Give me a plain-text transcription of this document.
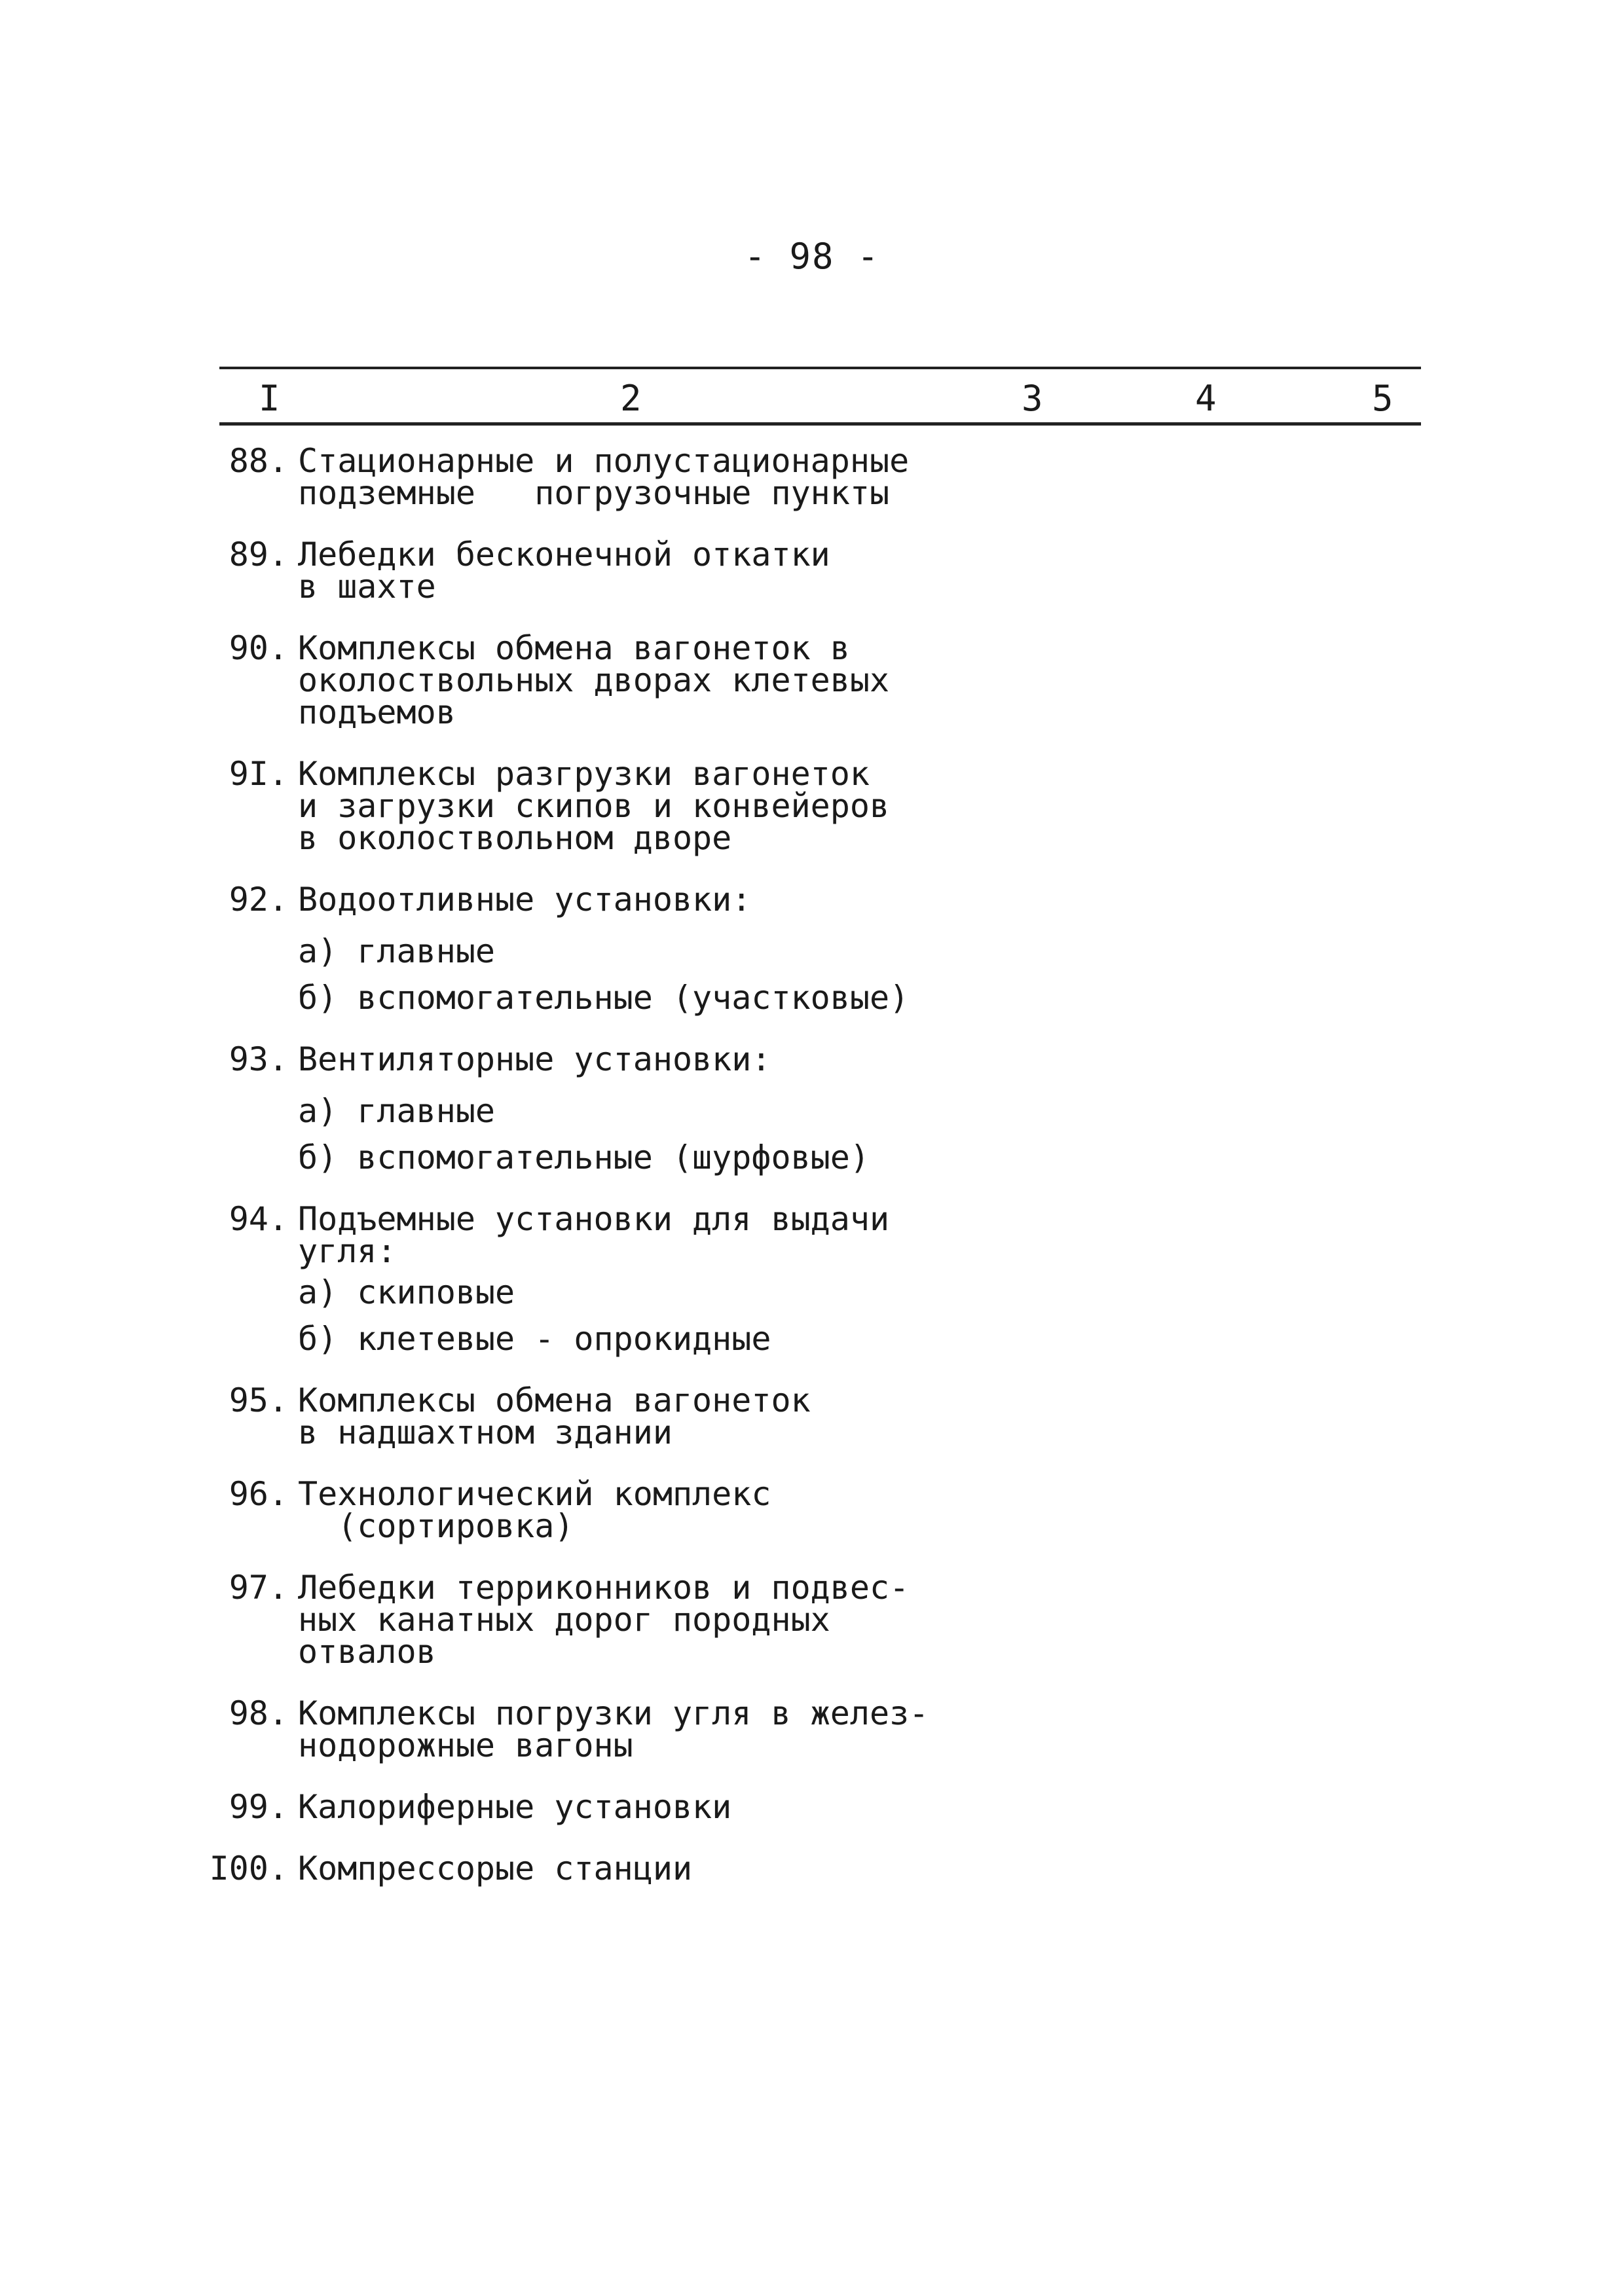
- 98 -
I	2	3	4	5
88. Стационарные и полустационарные
подземные   погрузочные пункты
89. Лебедки бесконечной откатки
в шахте
90. Комплексы обмена вагонеток в
околоствольных дворах клетевых
подъемов
9I. Комплексы разгрузки вагонеток
и загрузки скипов и конвейеров
в околоствольном дворе
92. Водоотливные установки:
а) главные
б) вспомогательные (участковые)
93. Вентиляторные установки:
а) главные
б) вспомогательные (шурфовые)
94. Подъемные установки для выдачи
угля:
а) скиповые
б) клетевые - опрокидные
95. Комплексы обмена вагонеток
в надшахтном здании
96. Технологический комплекс
(сортировка)
97. Лебедки терриконников и подвес-
ных канатных дорог породных
отвалов
98. Комплексы погрузки угля в желез-
нодорожные вагоны
99. Калориферные установки
I00. Компрессорые станции
